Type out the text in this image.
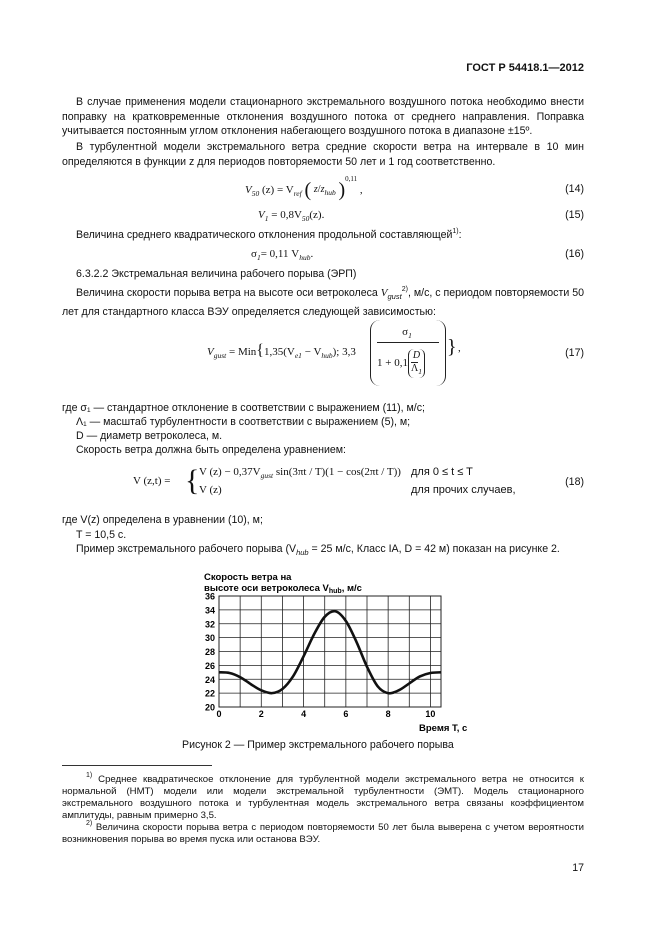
ГОСТ Р 54418.1—2012
В случае применения модели стационарного экстремального воздушного потока необходимо внести поправку на кратковременные отклонения воздушного потока от среднего направления. Поправка учитывается постоянным углом отклонения набегающего воздушного потока в диапазоне ±15º.
В турбулентной модели экстремального ветра средние скорости ветра на интервале в 10 мин определяются в функции z для периодов повторяемости 50 лет и 1 год соответственно.
$V_{50}$ $(z) = V_{ref}$ ( $z/z_{hub}$ )$^{0,11}$ ,	(14)
$V_1 = 0,8V_{50}(z)$.	(15)
Величина среднего квадратического отклонения продольной составляющей$^{1)}$:
$\sigma_1= 0,11$ $V_{hub}$.	(16)
6.3.2.2 Экстремальная величина рабочего порыва (ЭРП)
Величина скорости порыва ветра на высоте оси ветроколеса $V_{gust}^{2)}$, м/с, с периодом повторяемости 50 лет для стандартного класса ВЭУ определяется следующей зависимостью:
$V_{gust} = Min\{1,35(V_{e1} - V_{hub})$; 3,3
$\sigma_1$
1 + 0,1D
$\Lambda_1$
} ,	(17)
где σ₁ — стандартное отклонение в соответствии с выражением (11), м/с;
Λ₁ — масштаб турбулентности в соответствии с выражением (5), м;
D — диаметр ветроколеса, м.
Скорость ветра должна быть определена уравнением:
V (z,t) = { V $(z) - 0,37V_{gust}$ sin(3πt / T)(1 − cos(2πt / T))
V (z)
для 0 ≤ t ≤ T
для прочих случаев,
(18)
где V(z) определена в уравнении (10), м;
T = 10,5 с.
Пример экстремального рабочего порыва ($V_{hub} = 25$ м/с, Класс IA, D = 42 м) показан на рисунке 2.
Скорость ветра на
высоте оси ветроколеса $V_{hub}$, м/с
20
22
24
26
28
30
32
34
36
0	2	4	6	8	10
Время T, с
Рисунок 2 — Пример экстремального рабочего порыва
$^{1)}$ Среднее квадратическое отклонение для турбулентной модели экстремального ветра не относится к нормальной (НМТ) модели или модели экстремальной турбулентности (ЭМТ). Модель стационарного экстремального воздушного потока и турбулентная модель экстремального ветра связаны коэффициентом амплитуды, равным примерно 3,5.
$^{2)}$ Величина скорости порыва ветра с периодом повторяемости 50 лет была выверена с учетом вероятности возникновения порыва во время пуска или останова ВЭУ.
17
